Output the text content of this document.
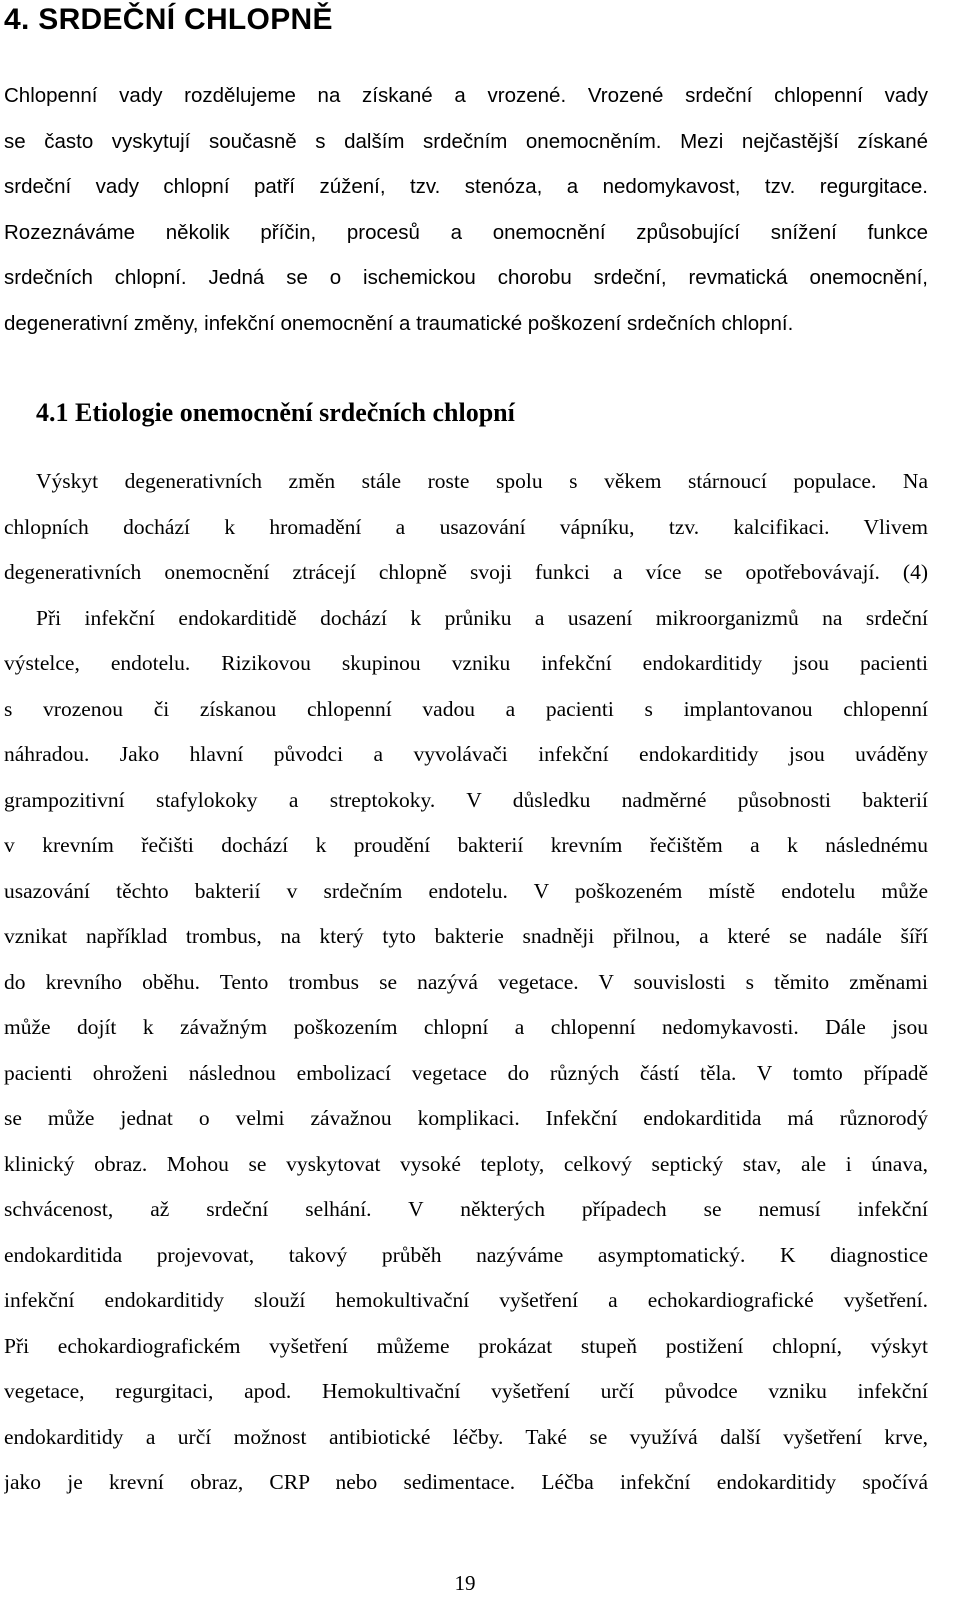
4. SRDEČNÍ CHLOPNĚ
Chlopenní vady rozdělujeme na získané a vrozené. Vrozené srdeční chlopenní vady
se často vyskytují současně s dalším srdečním onemocněním. Mezi nejčastější získané
srdeční vady chlopní patří zúžení, tzv. stenóza, a nedomykavost, tzv. regurgitace.
Rozeznáváme několik příčin, procesů a onemocnění způsobující snížení funkce
srdečních chlopní. Jedná se o ischemickou chorobu srdeční, revmatická onemocnění,
degenerativní změny, infekční onemocnění a traumatické poškození srdečních chlopní.
4.1 Etiologie onemocnění srdečních chlopní
Výskyt degenerativních změn stále roste spolu s věkem stárnoucí populace. Na
chlopních dochází k hromadění a usazování vápníku, tzv. kalcifikaci. Vlivem
degenerativních onemocnění ztrácejí chlopně svoji funkci a více se opotřebovávají. (4)
Při infekční endokarditidě dochází k průniku a usazení mikroorganizmů na srdeční
výstelce, endotelu. Rizikovou skupinou vzniku infekční endokarditidy jsou pacienti
s vrozenou či získanou chlopenní vadou a pacienti s implantovanou chlopenní
náhradou. Jako hlavní původci a vyvolávači infekční endokarditidy jsou uváděny
grampozitivní stafylokoky a streptokoky. V důsledku nadměrné působnosti bakterií
v krevním řečišti dochází k proudění bakterií krevním řečištěm a k následnému
usazování těchto bakterií v srdečním endotelu. V poškozeném místě endotelu může
vznikat například trombus, na který tyto bakterie snadněji přilnou, a které se nadále šíří
do krevního oběhu. Tento trombus se nazývá vegetace. V souvislosti s těmito změnami
může dojít k závažným poškozením chlopní a chlopenní nedomykavosti. Dále jsou
pacienti ohroženi následnou embolizací vegetace do různých částí těla. V tomto případě
se může jednat o velmi závažnou komplikaci. Infekční endokarditida má různorodý
klinický obraz. Mohou se vyskytovat vysoké teploty, celkový septický stav, ale i únava,
schvácenost, až srdeční selhání. V některých případech se nemusí infekční
endokarditida projevovat, takový průběh nazýváme asymptomatický. K diagnostice
infekční endokarditidy slouží hemokultivační vyšetření a echokardiografické vyšetření.
Při echokardiografickém vyšetření můžeme prokázat stupeň postižení chlopní, výskyt
vegetace, regurgitaci, apod. Hemokultivační vyšetření určí původce vzniku infekční
endokarditidy a určí možnost antibiotické léčby. Také se využívá další vyšetření krve,
jako je krevní obraz, CRP nebo sedimentace. Léčba infekční endokarditidy spočívá

19
